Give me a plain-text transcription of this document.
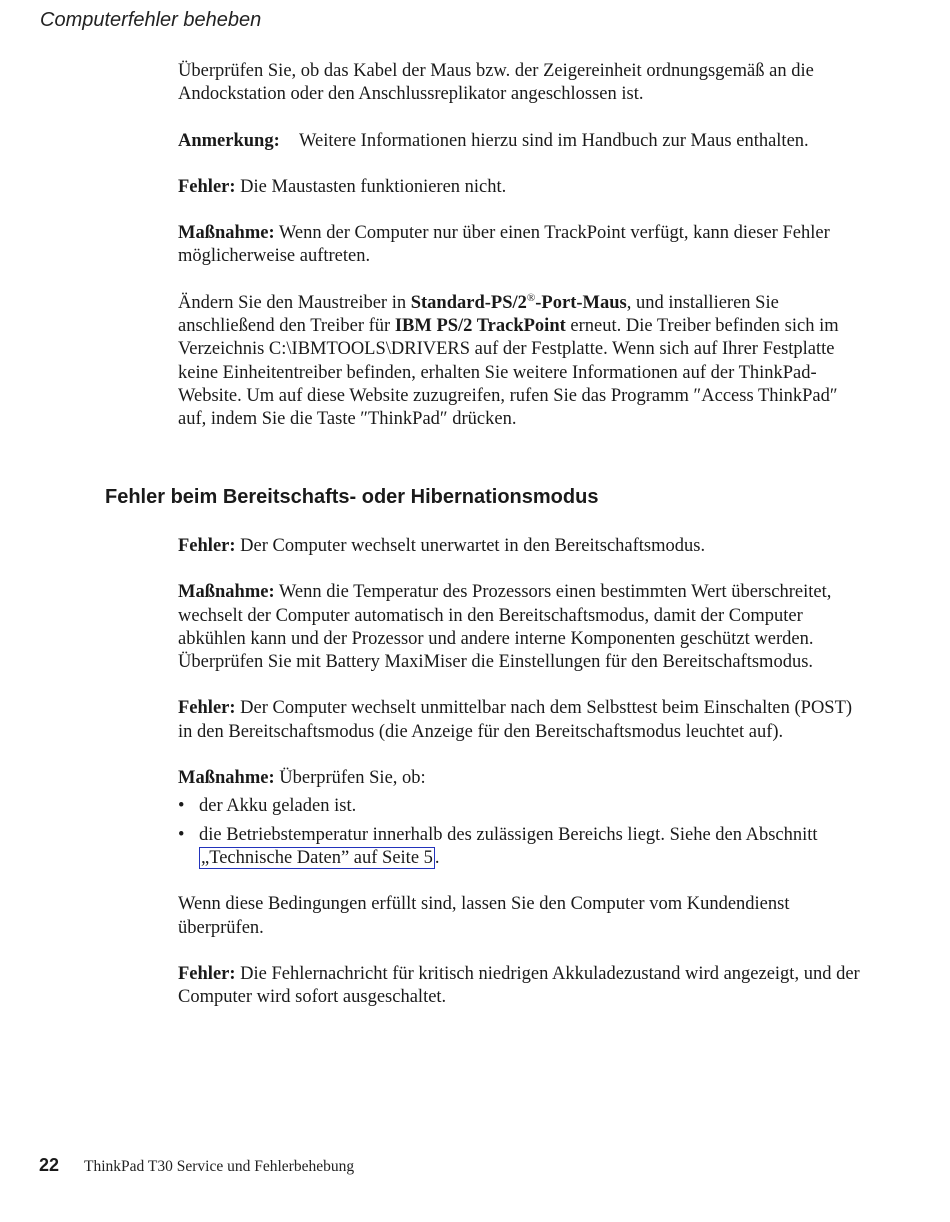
Computerfehler beheben

Überprüfen Sie, ob das Kabel der Maus bzw. der Zeigereinheit ordnungsgemäß an die Andockstation oder den Anschlussreplikator angeschlossen ist.

Anmerkung:	Weitere Informationen hierzu sind im Handbuch zur Maus enthalten.

Fehler: Die Maustasten funktionieren nicht.

Maßnahme: Wenn der Computer nur über einen TrackPoint verfügt, kann dieser Fehler möglicherweise auftreten.

Ändern Sie den Maustreiber in Standard-PS/2®-Port-Maus, und installieren Sie anschließend den Treiber für IBM PS/2 TrackPoint erneut. Die Treiber befinden sich im Verzeichnis C:\IBMTOOLS\DRIVERS auf der Festplatte. Wenn sich auf Ihrer Festplatte keine Einheitentreiber befinden, erhalten Sie weitere Informationen auf der ThinkPad-Website. Um auf diese Website zuzugreifen, rufen Sie das Programm ″Access ThinkPad″ auf, indem Sie die Taste ″ThinkPad″ drücken.

Fehler beim Bereitschafts- oder Hibernationsmodus

Fehler: Der Computer wechselt unerwartet in den Bereitschaftsmodus.

Maßnahme: Wenn die Temperatur des Prozessors einen bestimmten Wert überschreitet, wechselt der Computer automatisch in den Bereitschaftsmodus, damit der Computer abkühlen kann und der Prozessor und andere interne Komponenten geschützt werden. Überprüfen Sie mit Battery MaxiMiser die Einstellungen für den Bereitschaftsmodus.

Fehler: Der Computer wechselt unmittelbar nach dem Selbsttest beim Einschalten (POST) in den Bereitschaftsmodus (die Anzeige für den Bereitschaftsmodus leuchtet auf).

Maßnahme: Überprüfen Sie, ob:

• der Akku geladen ist.
• die Betriebstemperatur innerhalb des zulässigen Bereichs liegt. Siehe den Abschnitt „Technische Daten” auf Seite 5 .

Wenn diese Bedingungen erfüllt sind, lassen Sie den Computer vom Kundendienst überprüfen.

Fehler: Die Fehlernachricht für kritisch niedrigen Akkuladezustand wird angezeigt, und der Computer wird sofort ausgeschaltet.

22 ThinkPad T30 Service und Fehlerbehebung
